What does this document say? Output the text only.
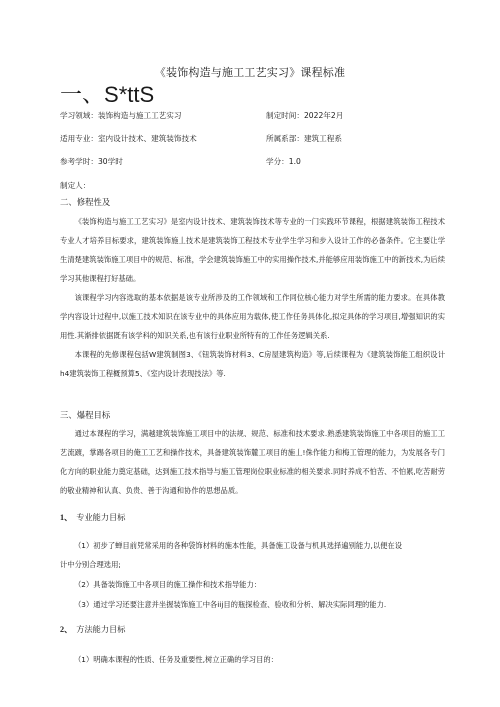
《装饰构造与施工工艺实习》课程标准
一、S*ttS
学习领域：装饰构造与施工工艺实习	制定时间：2022年2月
适用专业：室内设计技术、建筑装饰技术	所属系部：建筑工程系
参考学时：30学时	学分：1.0
制定人：
二、修程性及

《装饰构造与施工工艺实习》是室内设计技术、建筑装饰技术等专业的一门实践环节课程，根据建筑装饰工程技术专业人才培养目标要求，建筑装饰施丄技术是建筑装饰工程技术专业学生学习和步入设计工作的必备条件。它主要让学生清楚建筑装饰施工项目中的规范、标准，学会建筑装饰施工中的实用操作技术,并能够应用装饰施工中的新技术,为后续学习其他课程打好基础。

该课程学习内容选取的基本依据是该专业所涉及的工作领域和工作同位核心能力对学生所需的能力要求。在具体教学内容设计过程中,以施工技术知识在该专业中的具体应用为载体,使工作任务具体化,拟定具体的学习项目,增强知识的实用性.其渐排依据既有该学科的知识关系,也有该行业职业所特有的工作任务逻辑关系.

本课程的先修课程包括W建筑制图3、《钮筑装饰材料3、C房屋建筑构造》等,后续课程为《建筑装饰能工组织设计h4建筑装饰工程概预算5、《室内设计表现技法》等.

三、爆程目标

通过本课程的学习，满越建筑装饰施工项目中的法规、规范、标准和技术要求.熟悉建筑装饰施工中各项目的施工工艺流踱，掌踢各项目的俺工工艺和操作技术，具备建筑装饰麓工项目的施丄!侏作能力和梅工管理的能力，为发展各专门化方向的职业能力奠定基础，达到施工技术指导与施工管理岗位职业标准的相关要求.同时养成不怕苦、不怕累,吃苦耐劳的敬业精神和认真、负贵、善于沟通和协作的思想品质。

1、 专业能力目标
（1）初步了蝉目前兕常采用的各种袋饰材料的施本性能，具备施工设备与机具选择遍别能力,以便在设
计中分别合理选用;
（2）具备装饰施工中各项目的施工操作和技术指导能力：
（3）通过学习还要注意并坐握装饰施工中各iij目的瓶探检查、验收和分析、解决实际同理的能力.
2、 方法能力目标
（1）明确本课程的性质、任务及重要性,树立正确的学习目的：
